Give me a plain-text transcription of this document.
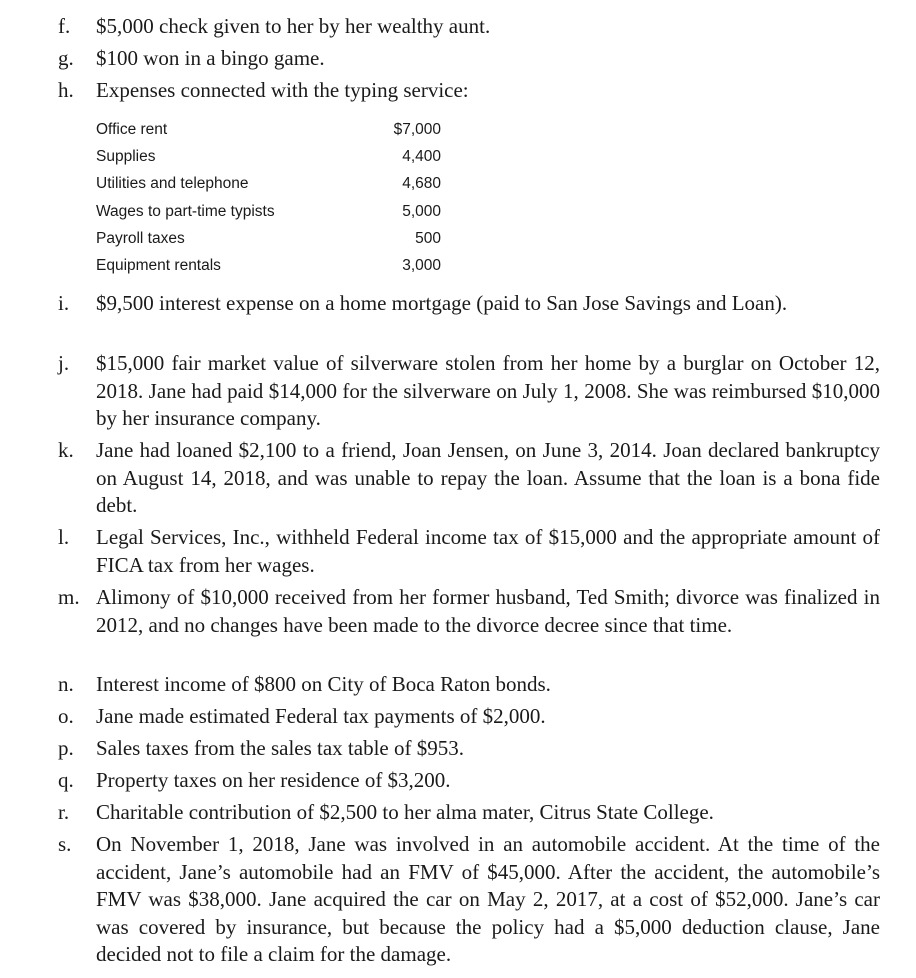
f.	$5,000 check given to her by her wealthy aunt.
g.	$100 won in a bingo game.
h.	Expenses connected with the typing service:
Office rent	$7,000
Supplies	4,400
Utilities and telephone	4,680
Wages to part-time typists	5,000
Payroll taxes	500
Equipment rentals	3,000
i.	$9,500 interest expense on a home mortgage (paid to San Jose Savings and Loan).
j.	$15,000 fair market value of silverware stolen from her home by a burglar on October 12, 2018. Jane had paid $14,000 for the silverware on July 1, 2008. She was reimbursed $10,000 by her insurance company.
k.	Jane had loaned $2,100 to a friend, Joan Jensen, on June 3, 2014. Joan declared bankruptcy on August 14, 2018, and was unable to repay the loan. Assume that the loan is a bona fide debt.
l.	Legal Services, Inc., withheld Federal income tax of $15,000 and the appropriate amount of FICA tax from her wages.
m. Alimony of $10,000 received from her former husband, Ted Smith; divorce was finalized in 2012, and no changes have been made to the divorce decree since that time.
n.	Interest income of $800 on City of Boca Raton bonds.
o.	Jane made estimated Federal tax payments of $2,000.
p.	Sales taxes from the sales tax table of $953.
q.	Property taxes on her residence of $3,200.
r.	Charitable contribution of $2,500 to her alma mater, Citrus State College.
s.	On November 1, 2018, Jane was involved in an automobile accident. At the time of the accident, Jane’s automobile had an FMV of $45,000. After the accident, the automobile’s FMV was $38,000. Jane acquired the car on May 2, 2017, at a cost of $52,000. Jane’s car was covered by insurance, but because the policy had a $5,000 deduction clause, Jane decided not to file a claim for the damage.
